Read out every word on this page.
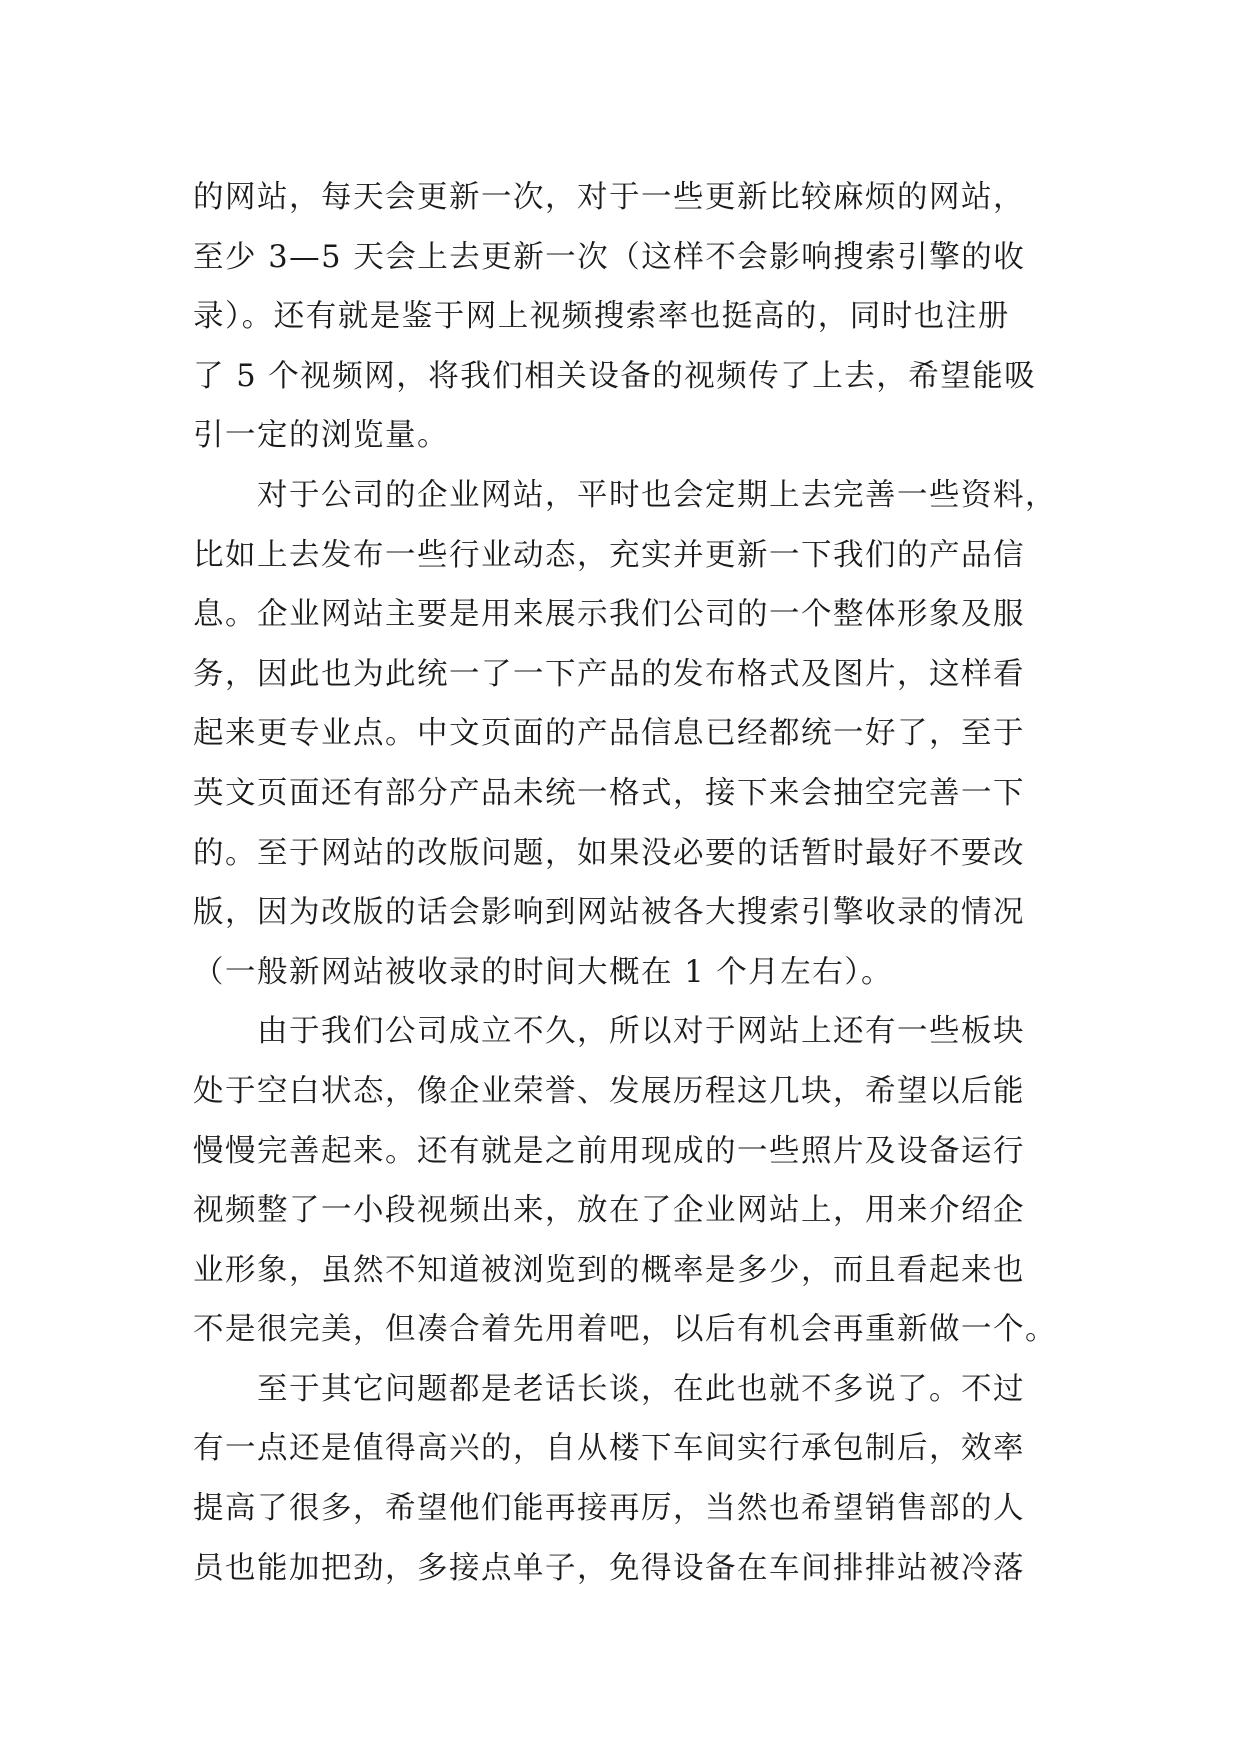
的网站，每天会更新一次，对于一些更新比较麻烦的网站，
至少 3—5 天会上去更新一次（这样不会影响搜索引擎的收
录）。还有就是鉴于网上视频搜索率也挺高的，同时也注册
了 5 个视频网，将我们相关设备的视频传了上去，希望能吸
引一定的浏览量。
对于公司的企业网站，平时也会定期上去完善一些资料，
比如上去发布一些行业动态，充实并更新一下我们的产品信
息。企业网站主要是用来展示我们公司的一个整体形象及服
务，因此也为此统一了一下产品的发布格式及图片，这样看
起来更专业点。中文页面的产品信息已经都统一好了，至于
英文页面还有部分产品未统一格式，接下来会抽空完善一下
的。至于网站的改版问题，如果没必要的话暂时最好不要改
版，因为改版的话会影响到网站被各大搜索引擎收录的情况
（一般新网站被收录的时间大概在 1 个月左右）。
由于我们公司成立不久，所以对于网站上还有一些板块
处于空白状态，像企业荣誉、发展历程这几块，希望以后能
慢慢完善起来。还有就是之前用现成的一些照片及设备运行
视频整了一小段视频出来，放在了企业网站上，用来介绍企
业形象，虽然不知道被浏览到的概率是多少，而且看起来也
不是很完美，但凑合着先用着吧，以后有机会再重新做一个。
至于其它问题都是老话长谈，在此也就不多说了。不过
有一点还是值得高兴的，自从楼下车间实行承包制后，效率
提高了很多，希望他们能再接再厉，当然也希望销售部的人
员也能加把劲，多接点单子，免得设备在车间排排站被冷落
